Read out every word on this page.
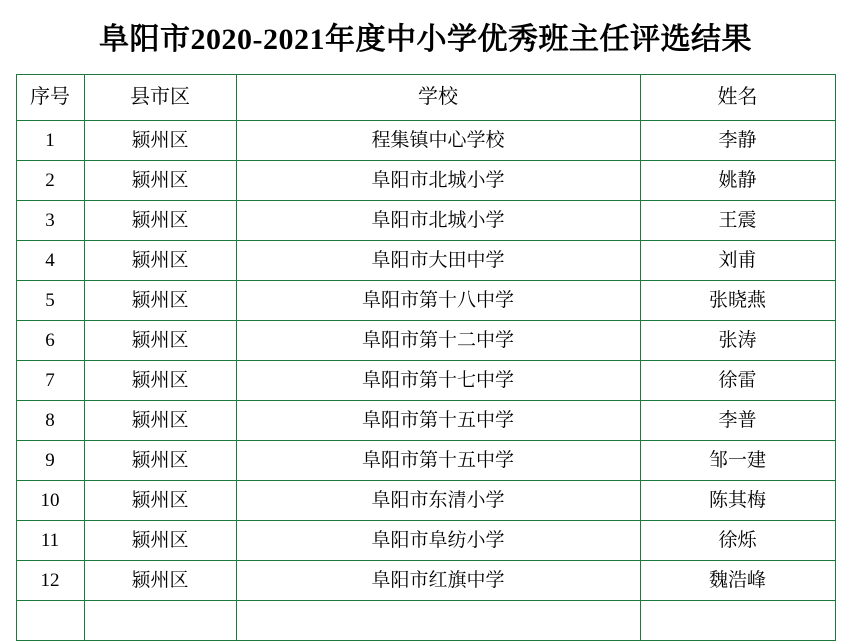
阜阳市2020-2021年度中小学优秀班主任评选结果
序号	县市区	学校	姓名
1	颍州区	程集镇中心学校	李静
2	颍州区	阜阳市北城小学	姚静
3	颍州区	阜阳市北城小学	王震
4	颍州区	阜阳市大田中学	刘甫
5	颍州区	阜阳市第十八中学	张晓燕
6	颍州区	阜阳市第十二中学	张涛
7	颍州区	阜阳市第十七中学	徐雷
8	颍州区	阜阳市第十五中学	李普
9	颍州区	阜阳市第十五中学	邹一建
10	颍州区	阜阳市东清小学	陈其梅
11	颍州区	阜阳市阜纺小学	徐烁
12	颍州区	阜阳市红旗中学	魏浩峰
